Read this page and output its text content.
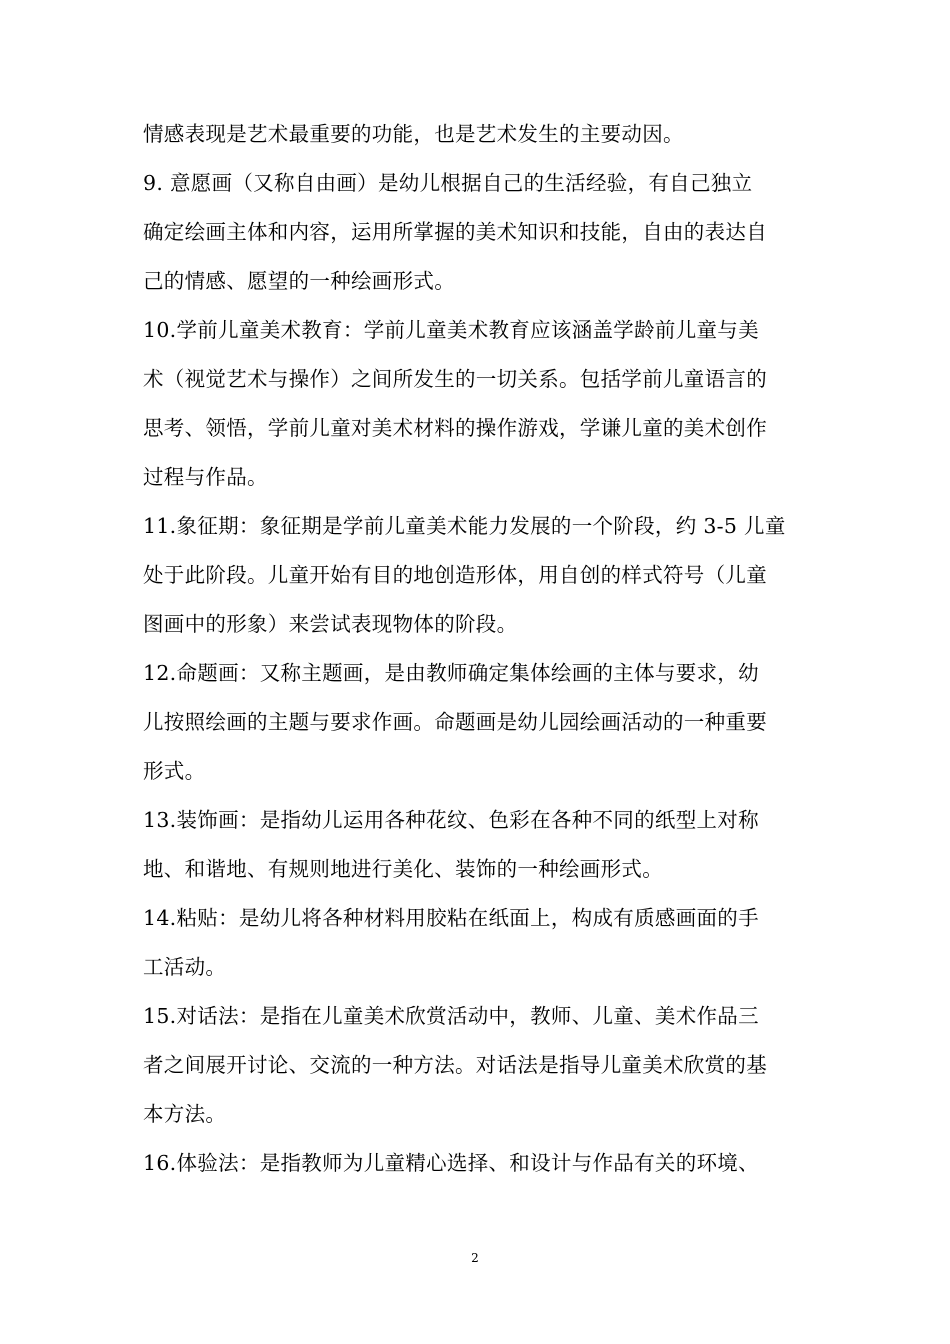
情感表现是艺术最重要的功能，也是艺术发生的主要动因。
9. 意愿画（又称自由画）是幼儿根据自己的生活经验，有自己独立
确定绘画主体和内容，运用所掌握的美术知识和技能，自由的表达自
己的情感、愿望的一种绘画形式。
10.学前儿童美术教育：学前儿童美术教育应该涵盖学龄前儿童与美
术（视觉艺术与操作）之间所发生的一切关系。包括学前儿童语言的
思考、领悟，学前儿童对美术材料的操作游戏，学谦儿童的美术创作
过程与作品。
11.象征期：象征期是学前儿童美术能力发展的一个阶段，约 3-5 儿童
处于此阶段。儿童开始有目的地创造形体，用自创的样式符号（儿童
图画中的形象）来尝试表现物体的阶段。
12.命题画：又称主题画，是由教师确定集体绘画的主体与要求，幼
儿按照绘画的主题与要求作画。命题画是幼儿园绘画活动的一种重要
形式。
13.装饰画：是指幼儿运用各种花纹、色彩在各种不同的纸型上对称
地、和谐地、有规则地进行美化、装饰的一种绘画形式。
14.粘贴：是幼儿将各种材料用胶粘在纸面上，构成有质感画面的手
工活动。
15.对话法：是指在儿童美术欣赏活动中，教师、儿童、美术作品三
者之间展开讨论、交流的一种方法。对话法是指导儿童美术欣赏的基
本方法。
16.体验法：是指教师为儿童精心选择、和设计与作品有关的环境、
2
